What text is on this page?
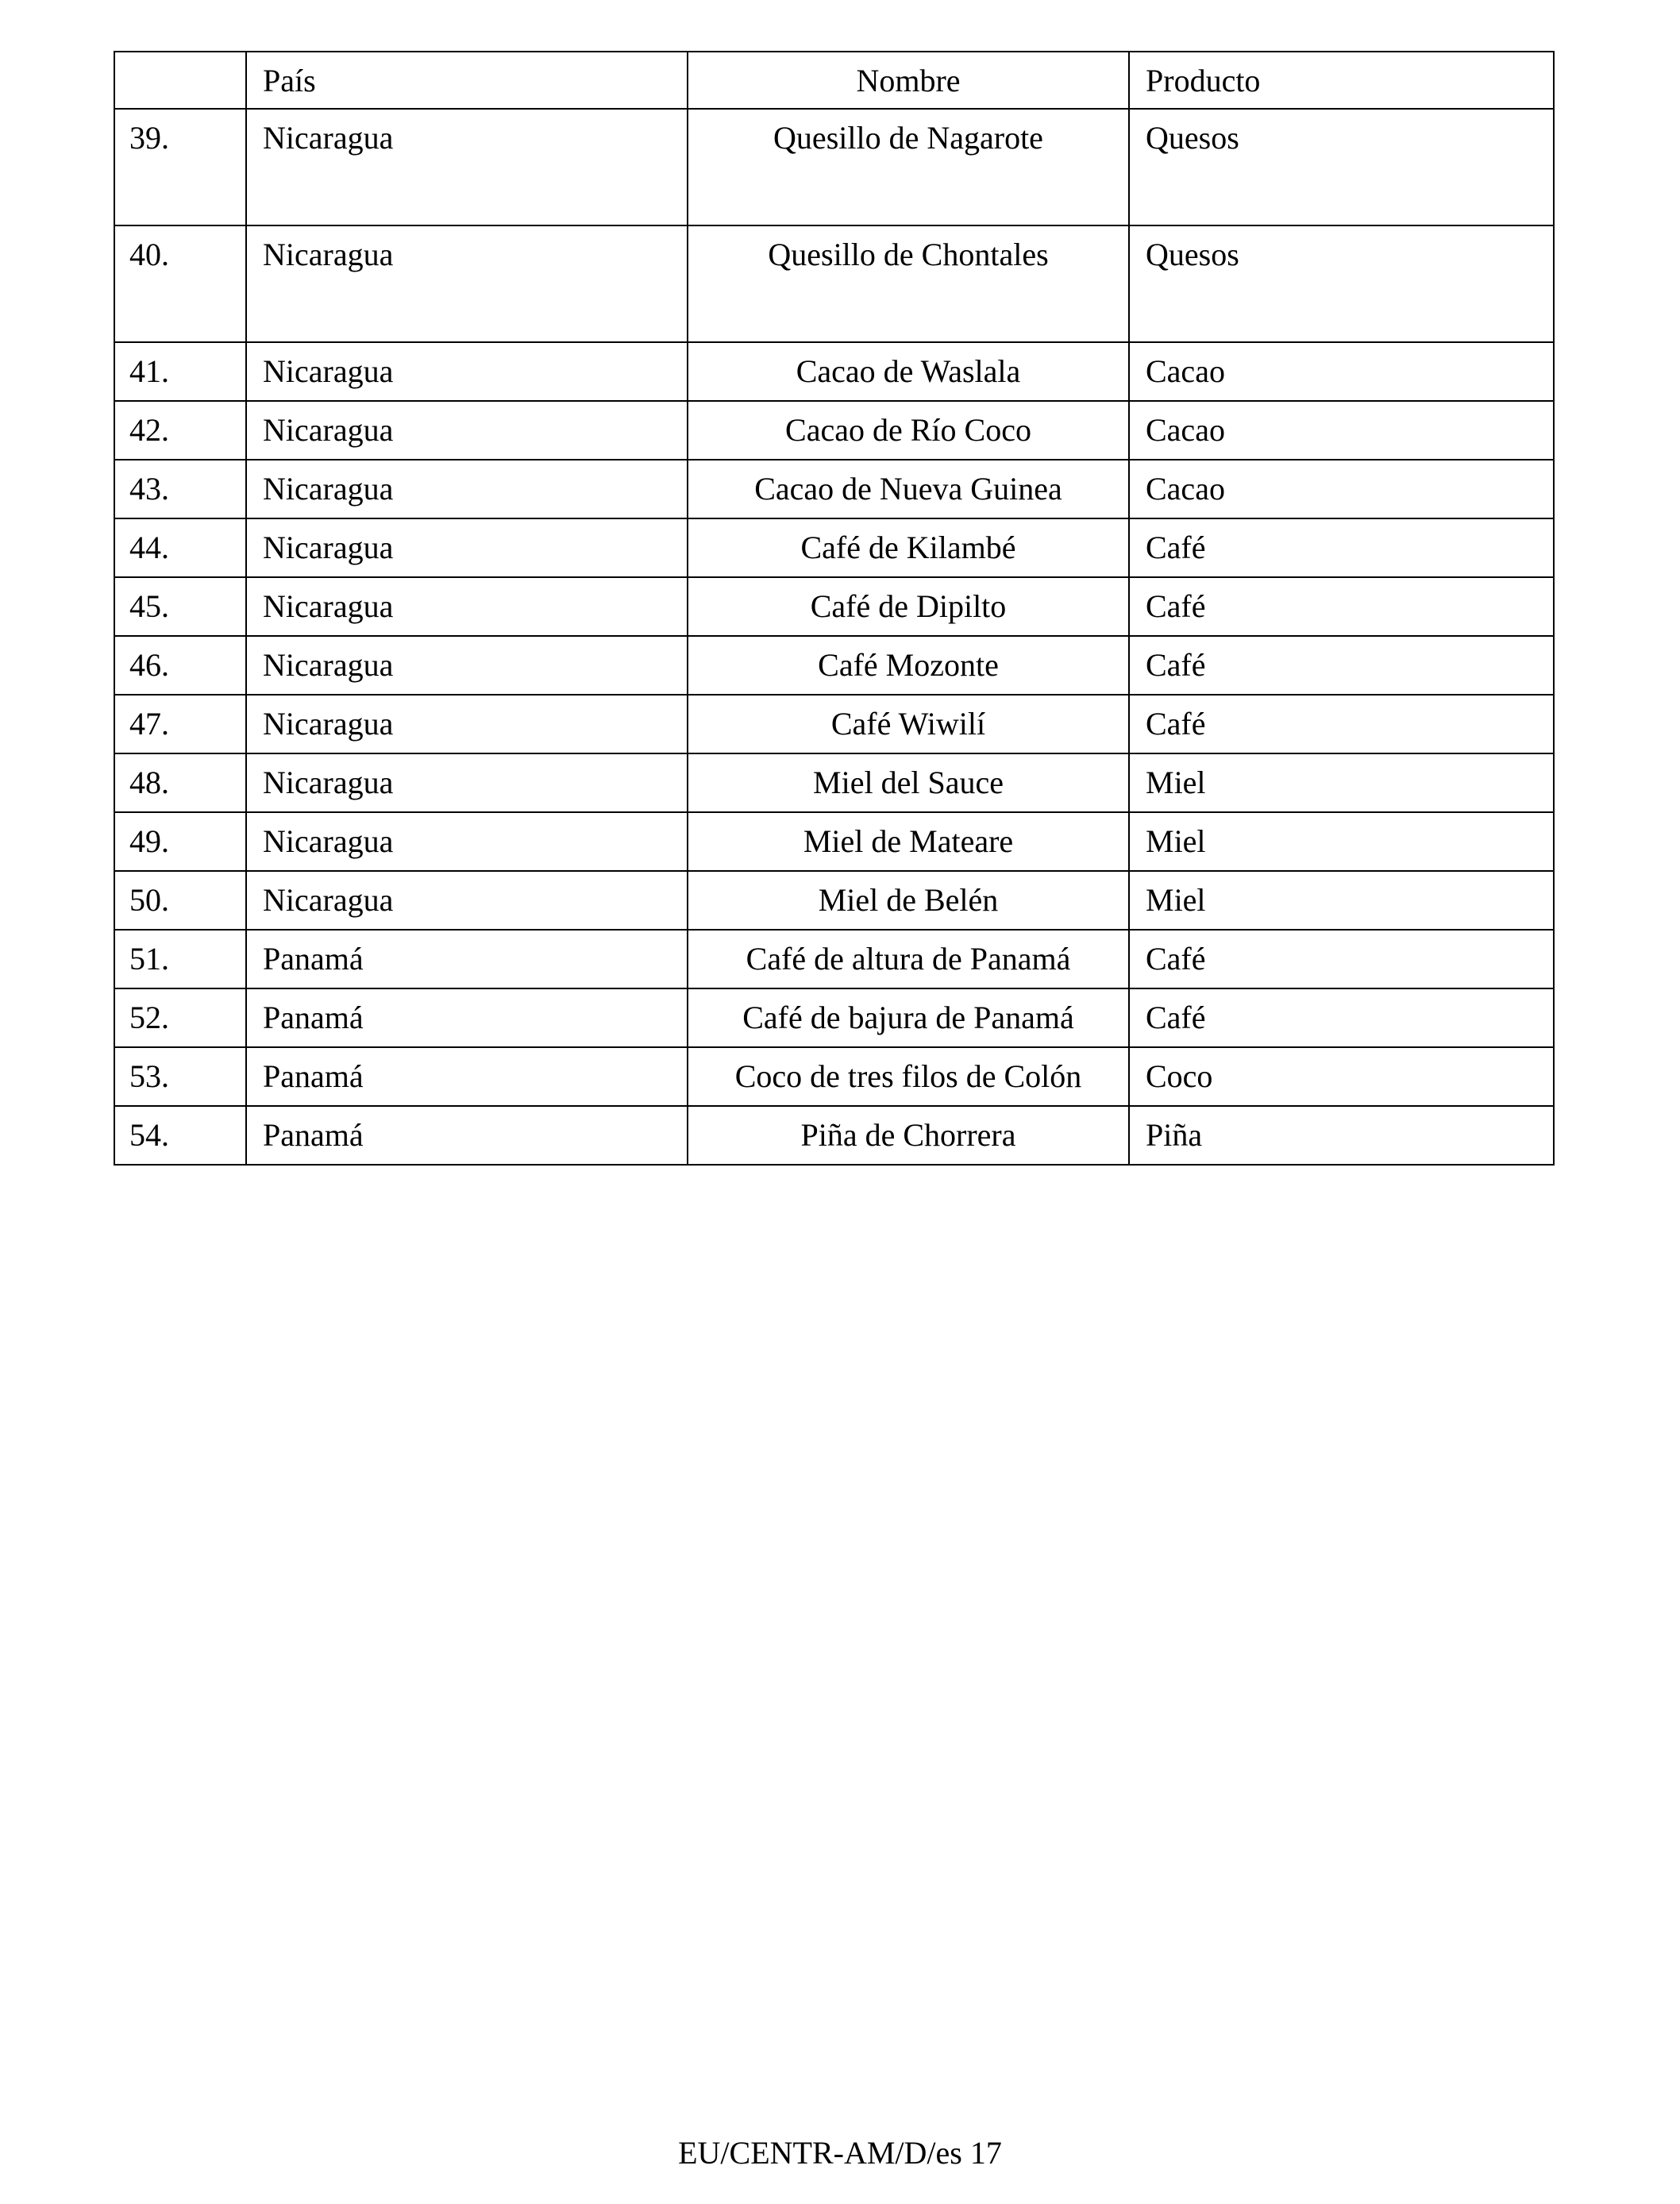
	País	Nombre	Producto
39.	Nicaragua	Quesillo de Nagarote	Quesos
40.	Nicaragua	Quesillo de Chontales	Quesos
41.	Nicaragua	Cacao de Waslala	Cacao
42.	Nicaragua	Cacao de Río Coco	Cacao
43.	Nicaragua	Cacao de Nueva Guinea	Cacao
44.	Nicaragua	Café de Kilambé	Café
45.	Nicaragua	Café de Dipilto	Café
46.	Nicaragua	Café Mozonte	Café
47.	Nicaragua	Café Wiwilí	Café
48.	Nicaragua	Miel del Sauce	Miel
49.	Nicaragua	Miel de Mateare	Miel
50.	Nicaragua	Miel de Belén	Miel
51.	Panamá	Café de altura de Panamá	Café
52.	Panamá	Café de bajura de Panamá	Café
53.	Panamá	Coco de tres filos de Colón	Coco
54.	Panamá	Piña de Chorrera	Piña
EU/CENTR-AM/D/es 17
